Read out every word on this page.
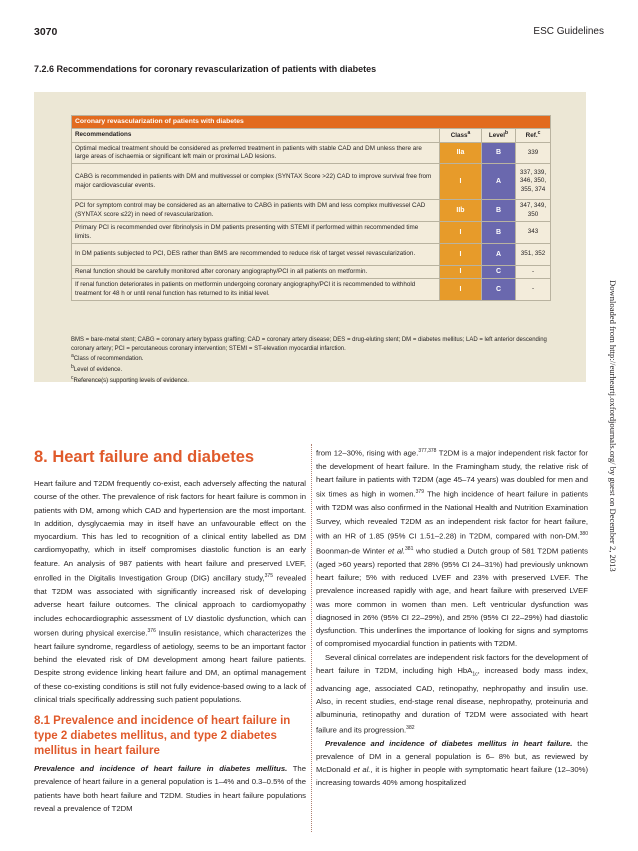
3070	ESC Guidelines
7.2.6 Recommendations for coronary revascularization of patients with diabetes
Coronary revascularization of patients with diabetes			
Recommendations	Class$^a$	Level$^b$	Ref.$^c$
Optimal medical treatment should be considered as preferred treatment in patients with stable CAD and DM unless there are large areas of ischaemia or significant left main or proximal LAD lesions.	IIa	B	339
CABG is recommended in patients with DM and multivessel or complex (SYNTAX Score >22) CAD to improve survival free from major cardiovascular events.	I	A	337, 339, 346, 350, 355, 374
PCI for symptom control may be considered as an alternative to CABG in patients with DM and less complex multivessel CAD (SYNTAX score ≤22) in need of revascularization.	IIb	B	347, 349, 350
Primary PCI is recommended over fibrinolysis in DM patients presenting with STEMI if performed within recommended time limits.	I	B	343
In DM patients subjected to PCI, DES rather than BMS are recommended to reduce risk of target vessel revascularization.	I	A	351, 352
Renal function should be carefully monitored after coronary angiography/PCI in all patients on metformin.	I	C	-
If renal function deteriorates in patients on metformin undergoing coronary angiography/PCI it is recommended to withhold treatment for 48 h or until renal function has returned to its initial level.	I	C	-
BMS = bare-metal stent; CABG = coronary artery bypass grafting; CAD = coronary artery disease; DES = drug-eluting stent; DM = diabetes mellitus; LAD = left anterior descending coronary artery; PCI = percutaneous coronary intervention; STEMI = ST-elevation myocardial infarction.
$^a$Class of recommendation.
$^b$Level of evidence.
$^c$Reference(s) supporting levels of evidence.	Downloaded from http://eurheartj.oxfordjournals.org/ by guest on December 2, 2013
8. Heart failure and diabetes

Heart failure and T2DM frequently co-exist, each adversely affecting the natural course of the other. The prevalence of risk factors for heart failure is common in patients with DM, among which CAD and hypertension are the most important. In addition, dysglycaemia may in itself have an unfavourable effect on the myocardium. This has led to recognition of a clinical entity labelled as DM cardiomyopathy, which in itself compromises diastolic function is an early feature. An analysis of 987 patients with heart failure and preserved LVEF, enrolled in the Digitalis Investigation Group (DIG) ancillary study,$^{375}$ revealed that T2DM was associated with significantly increased risk of developing adverse heart failure outcomes. The clinical approach to cardiomyopathy includes echocardiographic assessment of LV diastolic dysfunction, which can worsen during physical exercise.$^{376}$ Insulin resistance, which characterizes the heart failure syndrome, regardless of aetiology, seems to be an important factor behind the elevated risk of DM development among heart failure patients. Despite strong evidence linking heart failure and DM, an optimal management of these co-existing conditions is still not fully evidence-based owing to a lack of clinical trials specifically addressing such patient populations.

8.1 Prevalence and incidence of heart failure in type 2 diabetes mellitus, and type 2 diabetes mellitus in heart failure

Prevalence and incidence of heart failure in diabetes mellitus. The prevalence of heart failure in a general population is 1–4% and 0.3–0.5% of the patients have both heart failure and T2DM. Studies in heart failure populations reveal a prevalence of T2DM

from 12–30%, rising with age.$^{377,378}$ T2DM is a major independent risk factor for the development of heart failure. In the Framingham study, the relative risk of heart failure in patients with T2DM (age 45–74 years) was doubled for men and six times as high in women.$^{379}$ The high incidence of heart failure in patients with T2DM was also confirmed in the National Health and Nutrition Examination Survey, which revealed T2DM as an independent risk factor for heart failure, with an HR of 1.85 (95% CI 1.51–2.28) in T2DM, compared with non-DM.$^{380}$ Boonman-de Winter et al.$^{381}$ who studied a Dutch group of 581 T2DM patients (aged >60 years) reported that 28% (95% CI 24–31%) had previously unknown heart failure; 5% with reduced LVEF and 23% with preserved LVEF. The prevalence increased rapidly with age, and heart failure with preserved LVEF was more common in women than men. Left ventricular dysfunction was diagnosed in 26% (95% CI 22–29%), and 25% (95% CI 22–29%) had diastolic dysfunction. This underlines the importance of looking for signs and symptoms of compromised myocardial function in patients with T2DM.

Several clinical correlates are independent risk factors for the development of heart failure in T2DM, including high HbA$_{1c}$, increased body mass index, advancing age, associated CAD, retinopathy, nephropathy and insulin use. Also, in recent studies, end-stage renal disease, nephropathy, proteinuria and albuminuria, retinopathy and duration of T2DM were associated with heart failure and its progression.$^{382}$

Prevalence and incidence of diabetes mellitus in heart failure. the prevalence of DM in a general population is 6– 8% but, as reviewed by McDonald et al., it is higher in people with symptomatic heart failure (12–30%) increasing towards 40% among hospitalized
